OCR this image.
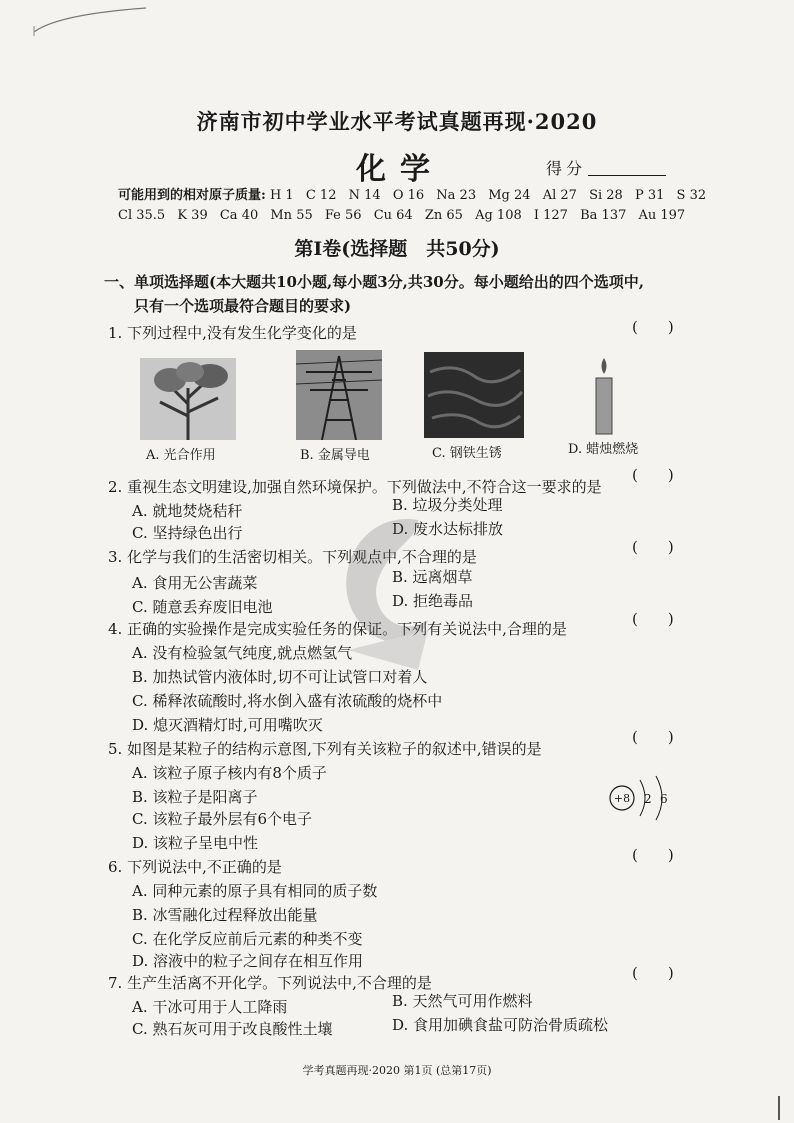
济南市初中学业水平考试真题再现·2020
化学	得分
可能用到的相对原子质量: H 1 C 12 N 14 O 16 Na 23 Mg 24 Al 27 Si 28 P 31 S 32
Cl 35.5 K 39 Ca 40 Mn 55 Fe 56 Cu 64 Zn 65 Ag 108 I 127 Ba 137 Au 197
第Ⅰ卷(选择题　共50分)
一、单项选择题(本大题共10小题,每小题3分,共30分。每小题给出的四个选项中,
只有一个选项最符合题目的要求)
1. 下列过程中,没有发生化学变化的是	(　　)
A. 光合作用	B. 金属导电	C. 钢铁生锈	D. 蜡烛燃烧
2. 重视生态文明建设,加强自然环境保护。下列做法中,不符合这一要求的是
(　　)
A. 就地焚烧秸秆	B. 垃圾分类处理
C. 坚持绿色出行	D. 废水达标排放
3. 化学与我们的生活密切相关。下列观点中,不合理的是
(　　)
A. 食用无公害蔬菜	B. 远离烟草
C. 随意丢弃废旧电池	D. 拒绝毒品
4. 正确的实验操作是完成实验任务的保证。下列有关说法中,合理的是
(　　)
A. 没有检验氢气纯度,就点燃氢气
B. 加热试管内液体时,切不可让试管口对着人
C. 稀释浓硫酸时,将水倒入盛有浓硫酸的烧杯中
D. 熄灭酒精灯时,可用嘴吹灭
5. 如图是某粒子的结构示意图,下列有关该粒子的叙述中,错误的是
(　　)
A. 该粒子原子核内有8个质子
B. 该粒子是阳离子
C. 该粒子最外层有6个电子
D. 该粒子呈电中性
+8 2 6
6. 下列说法中,不正确的是
(　　)
A. 同种元素的原子具有相同的质子数
B. 冰雪融化过程释放出能量
C. 在化学反应前后元素的种类不变
D. 溶液中的粒子之间存在相互作用
7. 生产生活离不开化学。下列说法中,不合理的是
(　　)
A. 干冰可用于人工降雨	B. 天然气可用作燃料
C. 熟石灰可用于改良酸性土壤	D. 食用加碘食盐可防治骨质疏松
学考真题再现·2020 第1页 (总第17页)
